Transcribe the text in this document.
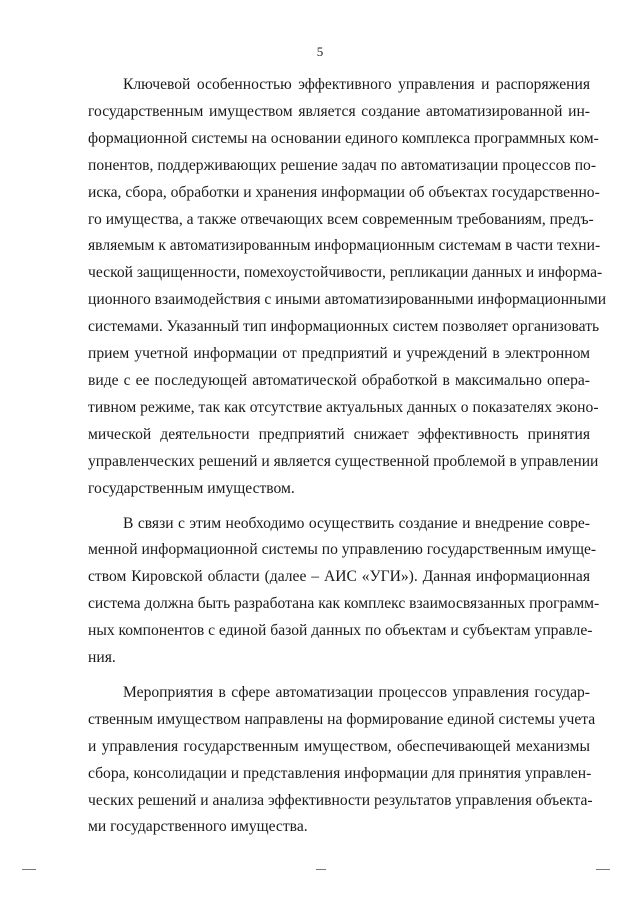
5
Ключевой особенностью эффективного управления и распоряжения
государственным имуществом является создание автоматизированной ин-
формационной системы на основании единого комплекса программных ком-
понентов, поддерживающих решение задач по автоматизации процессов по-
иска, сбора, обработки и хранения информации об объектах государственно-
го имущества, а также отвечающих всем современным требованиям, предъ-
являемым к автоматизированным информационным системам в части техни-
ческой защищенности, помехоустойчивости, репликации данных и информа-
ционного взаимодействия с иными автоматизированными информационными
системами. Указанный тип информационных систем позволяет организовать
прием учетной информации от предприятий и учреждений в электронном
виде с ее последующей автоматической обработкой в максимально опера-
тивном режиме, так как отсутствие актуальных данных о показателях эконо-
мической деятельности предприятий снижает эффективность принятия
управленческих решений и является существенной проблемой в управлении
государственным имуществом.
В связи с этим необходимо осуществить создание и внедрение совре-
менной информационной системы по управлению государственным имуще-
ством Кировской области (далее – АИС «УГИ»). Данная информационная
система должна быть разработана как комплекс взаимосвязанных программ-
ных компонентов с единой базой данных по объектам и субъектам управле-
ния.
Мероприятия в сфере автоматизации процессов управления государ-
ственным имуществом направлены на формирование единой системы учета
и управления государственным имуществом, обеспечивающей механизмы
сбора, консолидации и представления информации для принятия управлен-
ческих решений и анализа эффективности результатов управления объекта-
ми государственного имущества.
